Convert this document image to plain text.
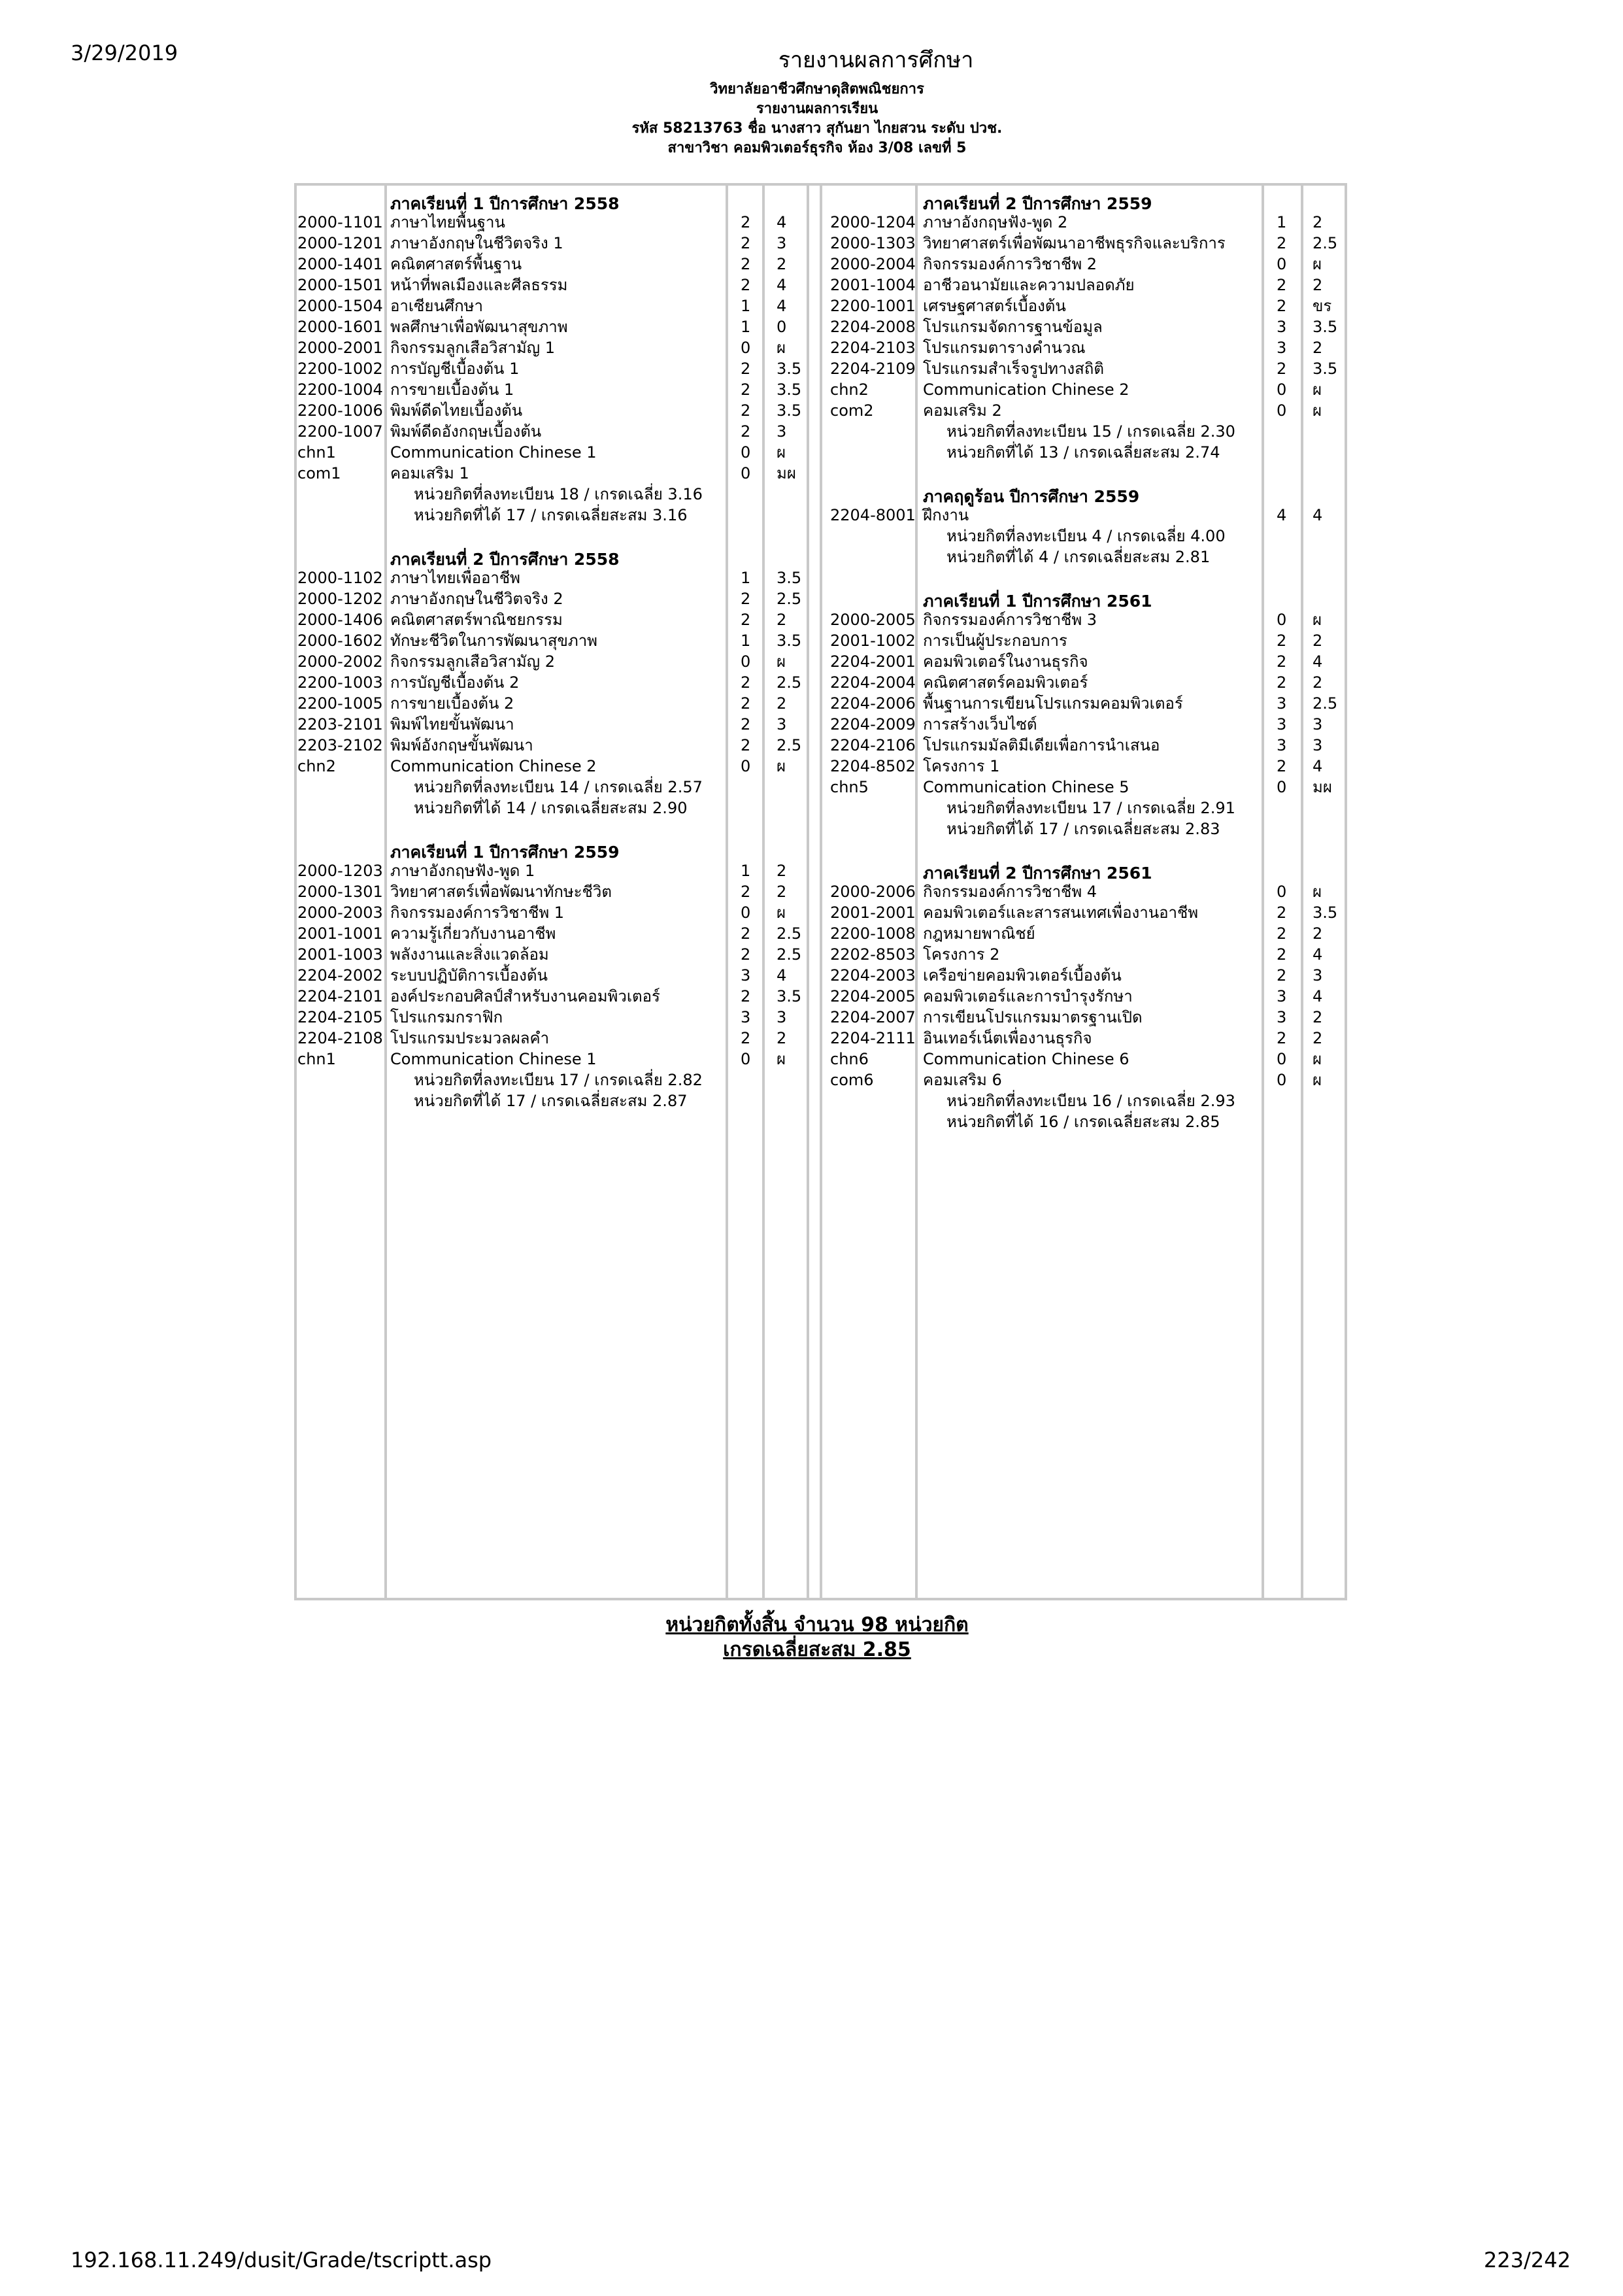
3/29/2019	รายงานผลการศึกษา
วิทยาลัยอาชีวศึกษาดุสิตพณิชยการ
รายงานผลการเรียน
รหัส 58213763 ชื่อ นางสาว สุกันยา ไกยสวน ระดับ ปวช.
สาขาวิชา คอมพิวเตอร์ธุรกิจ ห้อง 3/08 เลขที่ 5
ภาคเรียนที่ 1 ปีการศึกษา 2558
2000-1101 ภาษาไทยพื้นฐาน	2 4
2000-1201 ภาษาอังกฤษในชีวิตจริง 1	2 3
2000-1401 คณิตศาสตร์พื้นฐาน	2 2
2000-1501 หน้าที่พลเมืองและศีลธรรม	2 4
2000-1504 อาเซียนศึกษา	1 4
2000-1601 พลศึกษาเพื่อพัฒนาสุขภาพ	1 0
2000-2001 กิจกรรมลูกเสือวิสามัญ 1	0 ผ
2200-1002 การบัญชีเบื้องต้น 1	2 3.5
2200-1004 การขายเบื้องต้น 1	2 3.5
2200-1006 พิมพ์ดีดไทยเบื้องต้น	2 3.5
2200-1007 พิมพ์ดีดอังกฤษเบื้องต้น	2 3
chn1	Communication Chinese 1	0 ผ
com1	คอมเสริม 1	0 มผ
หน่วยกิตที่ลงทะเบียน 18 / เกรดเฉลี่ย 3.16
หน่วยกิตที่ได้ 17 / เกรดเฉลี่ยสะสม 3.16
ภาคเรียนที่ 2 ปีการศึกษา 2558
2000-1102 ภาษาไทยเพื่ออาชีพ	1 3.5
2000-1202 ภาษาอังกฤษในชีวิตจริง 2	2 2.5
2000-1406 คณิตศาสตร์พาณิชยกรรม	2 2
2000-1602 ทักษะชีวิตในการพัฒนาสุขภาพ	1 3.5
2000-2002 กิจกรรมลูกเสือวิสามัญ 2	0 ผ
2200-1003 การบัญชีเบื้องต้น 2	2 2.5
2200-1005 การขายเบื้องต้น 2	2 2
2203-2101 พิมพ์ไทยขั้นพัฒนา	2 3
2203-2102 พิมพ์อังกฤษขั้นพัฒนา	2 2.5
chn2	Communication Chinese 2	0 ผ
หน่วยกิตที่ลงทะเบียน 14 / เกรดเฉลี่ย 2.57
หน่วยกิตที่ได้ 14 / เกรดเฉลี่ยสะสม 2.90
ภาคเรียนที่ 1 ปีการศึกษา 2559
2000-1203 ภาษาอังกฤษฟัง-พูด 1	1 2
2000-1301 วิทยาศาสตร์เพื่อพัฒนาทักษะชีวิต	2 2
2000-2003 กิจกรรมองค์การวิชาชีพ 1	0 ผ
2001-1001 ความรู้เกี่ยวกับงานอาชีพ	2 2.5
2001-1003 พลังงานและสิ่งแวดล้อม	2 2.5
2204-2002 ระบบปฏิบัติการเบื้องต้น	3 4
2204-2101 องค์ประกอบศิลป์สำหรับงานคอมพิวเตอร์	2 3.5
2204-2105 โปรแกรมกราฟิก	3 3
2204-2108 โปรแกรมประมวลผลคำ	2 2
chn1	Communication Chinese 1	0 ผ
หน่วยกิตที่ลงทะเบียน 17 / เกรดเฉลี่ย 2.82
หน่วยกิตที่ได้ 17 / เกรดเฉลี่ยสะสม 2.87
ภาคเรียนที่ 2 ปีการศึกษา 2559
2000-1204 ภาษาอังกฤษฟัง-พูด 2	1 2
2000-1303 วิทยาศาสตร์เพื่อพัฒนาอาชีพธุรกิจและบริการ	2 2.5
2000-2004 กิจกรรมองค์การวิชาชีพ 2	0 ผ
2001-1004 อาชีวอนามัยและความปลอดภัย	2 2
2200-1001 เศรษฐศาสตร์เบื้องต้น	2 ขร
2204-2008 โปรแกรมจัดการฐานข้อมูล	3 3.5
2204-2103 โปรแกรมตารางคำนวณ	3 2
2204-2109 โปรแกรมสำเร็จรูปทางสถิติ	2 3.5
chn2	Communication Chinese 2	0 ผ
com2	คอมเสริม 2	0 ผ
หน่วยกิตที่ลงทะเบียน 15 / เกรดเฉลี่ย 2.30
หน่วยกิตที่ได้ 13 / เกรดเฉลี่ยสะสม 2.74
ภาคฤดูร้อน ปีการศึกษา 2559
2204-8001 ฝึกงาน	4 4
หน่วยกิตที่ลงทะเบียน 4 / เกรดเฉลี่ย 4.00
หน่วยกิตที่ได้ 4 / เกรดเฉลี่ยสะสม 2.81
ภาคเรียนที่ 1 ปีการศึกษา 2561
2000-2005 กิจกรรมองค์การวิชาชีพ 3	0 ผ
2001-1002 การเป็นผู้ประกอบการ	2 2
2204-2001 คอมพิวเตอร์ในงานธุรกิจ	2 4
2204-2004 คณิตศาสตร์คอมพิวเตอร์	2 2
2204-2006 พื้นฐานการเขียนโปรแกรมคอมพิวเตอร์	3 2.5
2204-2009 การสร้างเว็บไซต์	3 3
2204-2106 โปรแกรมมัลติมีเดียเพื่อการนำเสนอ	3 3
2204-8502 โครงการ 1	2 4
chn5	Communication Chinese 5	0 มผ
หน่วยกิตที่ลงทะเบียน 17 / เกรดเฉลี่ย 2.91
หน่วยกิตที่ได้ 17 / เกรดเฉลี่ยสะสม 2.83
ภาคเรียนที่ 2 ปีการศึกษา 2561
2000-2006 กิจกรรมองค์การวิชาชีพ 4	0 ผ
2001-2001 คอมพิวเตอร์และสารสนเทศเพื่องานอาชีพ	2 3.5
2200-1008 กฎหมายพาณิชย์	2 2
2202-8503 โครงการ 2	2 4
2204-2003 เครือข่ายคอมพิวเตอร์เบื้องต้น	2 3
2204-2005 คอมพิวเตอร์และการบำรุงรักษา	3 4
2204-2007 การเขียนโปรแกรมมาตรฐานเปิด	3 2
2204-2111 อินเทอร์เน็ตเพื่องานธุรกิจ	2 2
chn6	Communication Chinese 6	0 ผ
com6	คอมเสริม 6	0 ผ
หน่วยกิตที่ลงทะเบียน 16 / เกรดเฉลี่ย 2.93
หน่วยกิตที่ได้ 16 / เกรดเฉลี่ยสะสม 2.85
หน่วยกิตทั้งสิ้น จำนวน 98 หน่วยกิต
เกรดเฉลี่ยสะสม 2.85
192.168.11.249/dusit/Grade/tscriptt.asp	223/242
